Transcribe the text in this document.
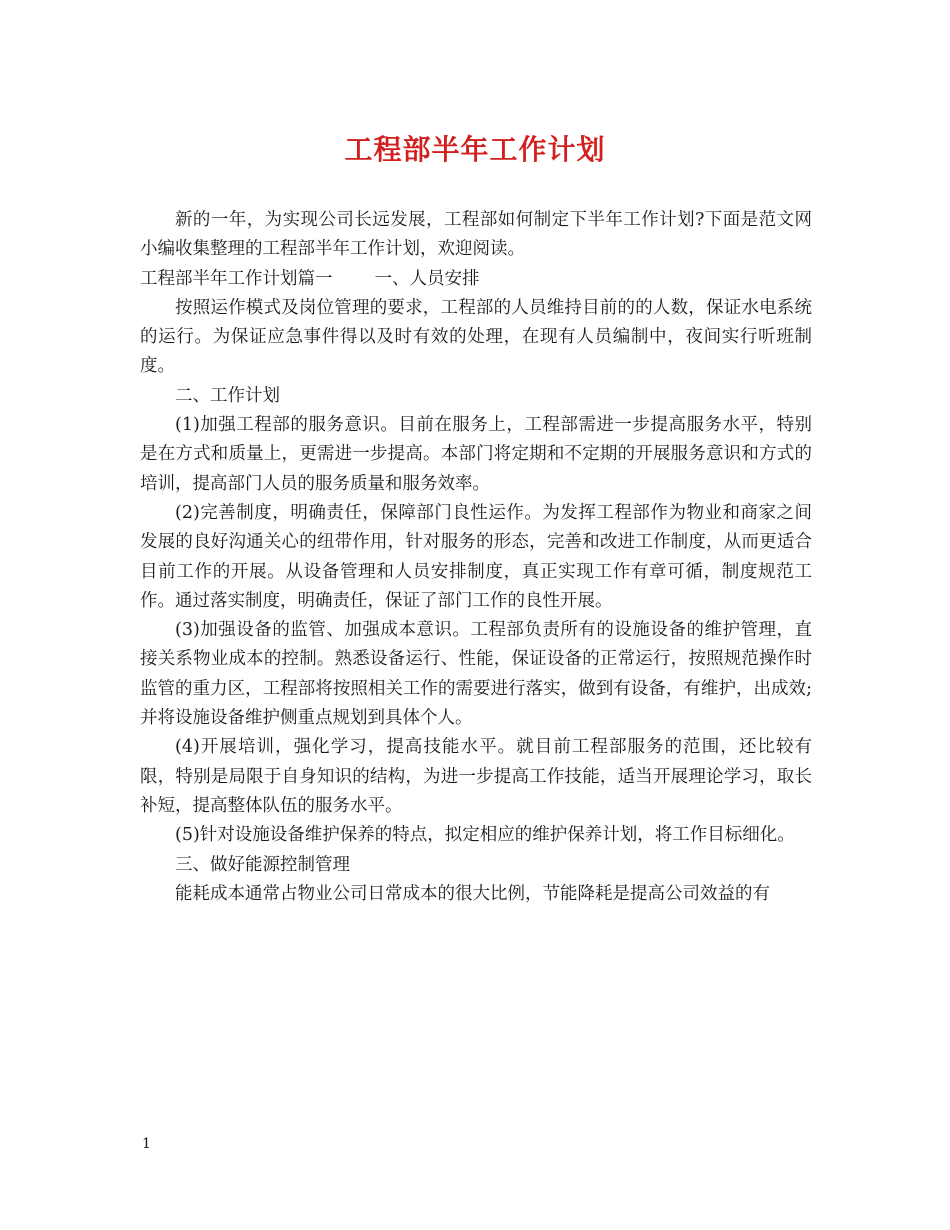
工程部半年工作计划

新的一年，为实现公司长远发展，工程部如何制定下半年工作计划?下面是范文网小编收集整理的工程部半年工作计划，欢迎阅读。

工程部半年工作计划篇一 一、人员安排

按照运作模式及岗位管理的要求，工程部的人员维持目前的的人数，保证水电系统的运行。为保证应急事件得以及时有效的处理，在现有人员编制中，夜间实行听班制度。

二、工作计划

(1)加强工程部的服务意识。目前在服务上，工程部需进一步提高服务水平，特别是在方式和质量上，更需进一步提高。本部门将定期和不定期的开展服务意识和方式的培训，提高部门人员的服务质量和服务效率。

(2)完善制度，明确责任，保障部门良性运作。为发挥工程部作为物业和商家之间发展的良好沟通关心的纽带作用，针对服务的形态，完善和改进工作制度，从而更适合目前工作的开展。从设备管理和人员安排制度，真正实现工作有章可循，制度规范工作。通过落实制度，明确责任，保证了部门工作的良性开展。

(3)加强设备的监管、加强成本意识。工程部负责所有的设施设备的维护管理，直接关系物业成本的控制。熟悉设备运行、性能，保证设备的正常运行，按照规范操作时监管的重力区，工程部将按照相关工作的需要进行落实，做到有设备，有维护，出成效;并将设施设备维护侧重点规划到具体个人。

(4)开展培训，强化学习，提高技能水平。就目前工程部服务的范围，还比较有限，特别是局限于自身知识的结构，为进一步提高工作技能，适当开展理论学习，取长补短，提高整体队伍的服务水平。

(5)针对设施设备维护保养的特点，拟定相应的维护保养计划，将工作目标细化。

三、做好能源控制管理

能耗成本通常占物业公司日常成本的很大比例，节能降耗是提高公司效益的有

1
